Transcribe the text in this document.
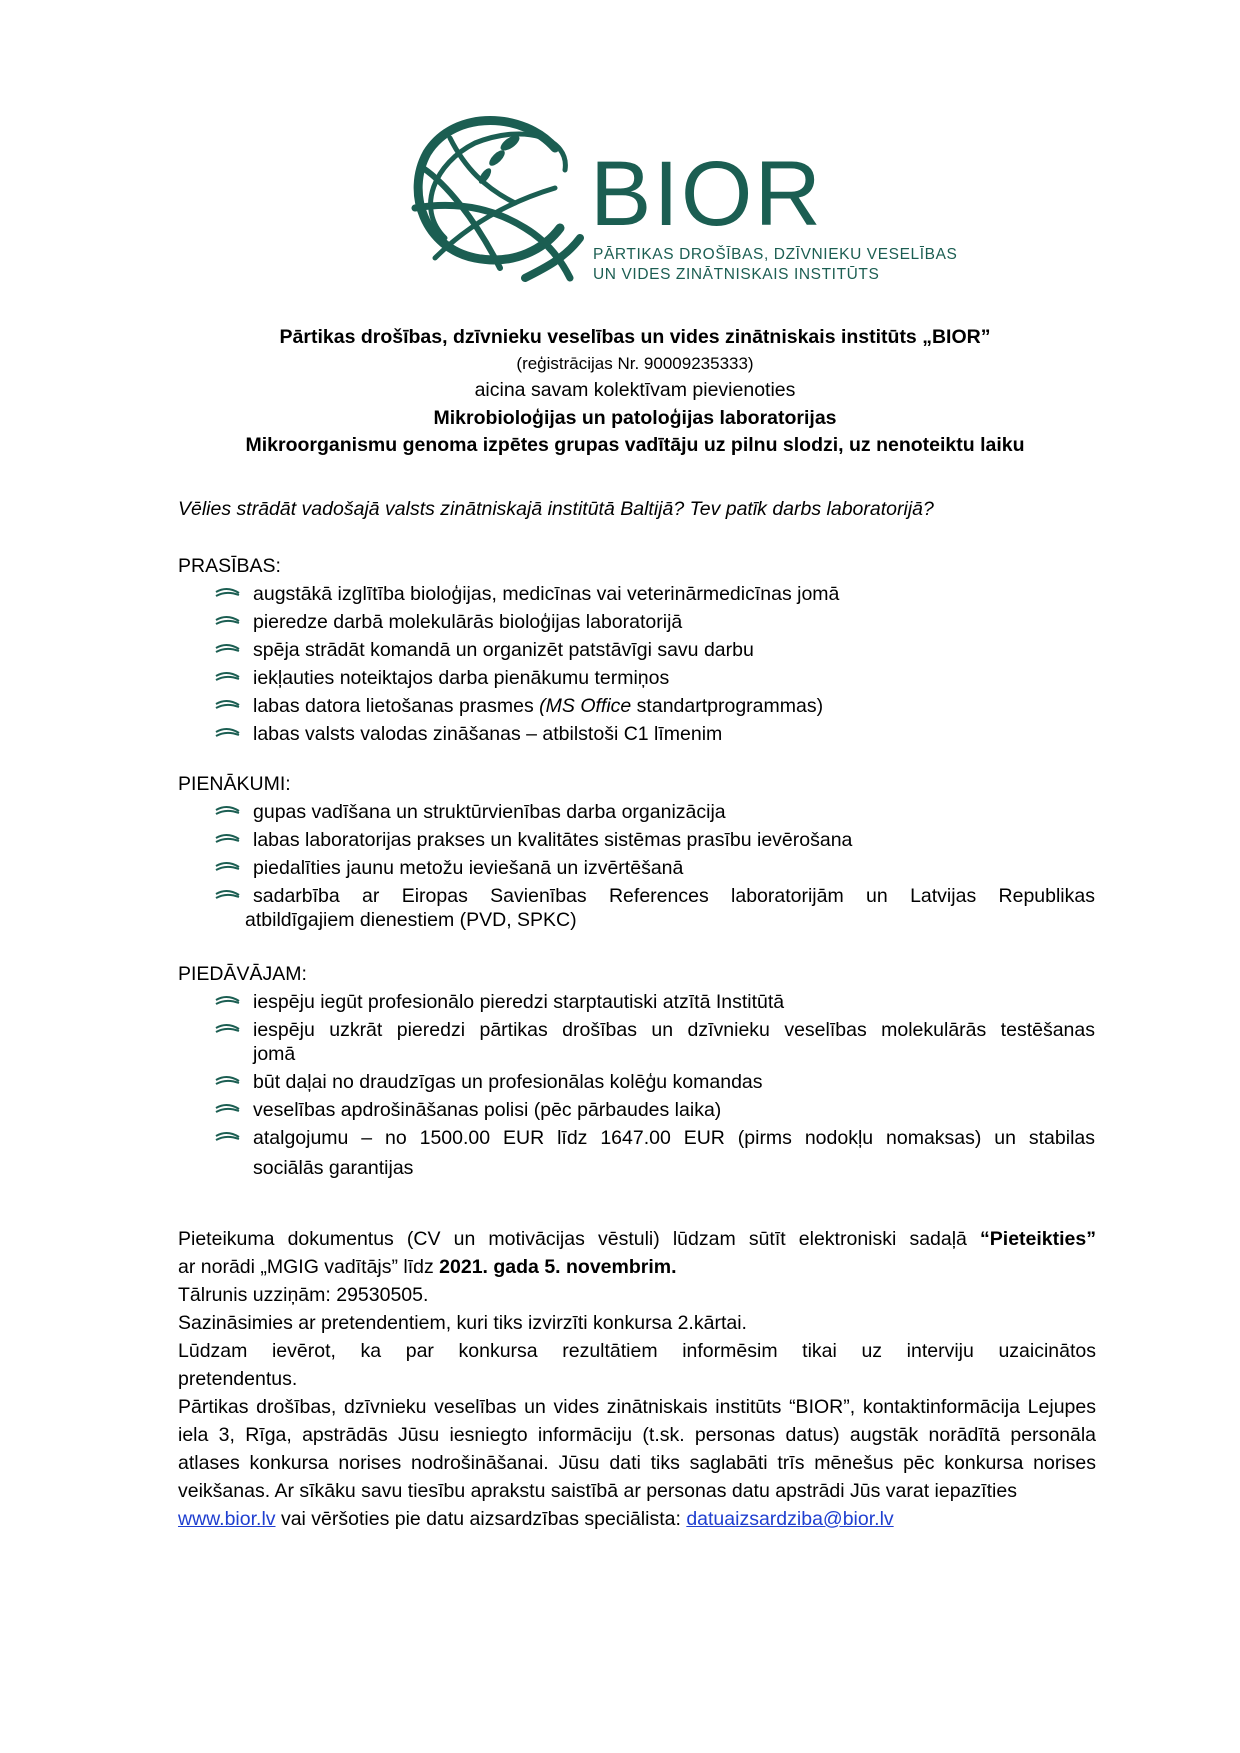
BIOR
PĀRTIKAS DROŠĪBAS, DZĪVNIEKU VESELĪBAS
UN VIDES ZINĀTNISKAIS INSTITŪTS
Pārtikas drošības, dzīvnieku veselības un vides zinātniskais institūts „BIOR”
(reģistrācijas Nr. 90009235333)
aicina savam kolektīvam pievienoties
Mikrobioloģijas un patoloģijas laboratorijas
Mikroorganismu genoma izpētes grupas vadītāju uz pilnu slodzi, uz nenoteiktu laiku
Vēlies strādāt vadošajā valsts zinātniskajā institūtā Baltijā? Tev patīk darbs laboratorijā?
PRASĪBAS:
augstākā izglītība bioloģijas, medicīnas vai veterinārmedicīnas jomā
pieredze darbā molekulārās bioloģijas laboratorijā
spēja strādāt komandā un organizēt patstāvīgi savu darbu
iekļauties noteiktajos darba pienākumu termiņos
labas datora lietošanas prasmes (MS Office standartprogrammas)
labas valsts valodas zināšanas – atbilstoši C1 līmenim
PIENĀKUMI:
gupas vadīšana un struktūrvienības darba organizācija
labas laboratorijas prakses un kvalitātes sistēmas prasību ievērošana
piedalīties jaunu metožu ieviešanā un izvērtēšanā
sadarbība ar Eiropas Savienības References laboratorijām un Latvijas Republikas
atbildīgajiem dienestiem (PVD, SPKC)
PIEDĀVĀJAM:
iespēju iegūt profesionālo pieredzi starptautiski atzītā Institūtā
iespēju uzkrāt pieredzi pārtikas drošības un dzīvnieku veselības molekulārās testēšanas
jomā
būt daļai no draudzīgas un profesionālas kolēģu komandas
veselības apdrošināšanas polisi (pēc pārbaudes laika)
atalgojumu – no 1500.00 EUR līdz 1647.00 EUR (pirms nodokļu nomaksas) un stabilas
sociālās garantijas

Pieteikuma dokumentus (CV un motivācijas vēstuli) lūdzam sūtīt elektroniski sadaļā “Pieteikties”

ar norādi „MGIG vadītājs” līdz 2021. gada 5. novembrim.

Tālrunis uzziņām: 29530505.

Sazināsimies ar pretendentiem, kuri tiks izvirzīti konkursa 2.kārtai.

Lūdzam ievērot, ka par konkursa rezultātiem informēsim tikai uz interviju uzaicinātos

pretendentus.

Pārtikas drošības, dzīvnieku veselības un vides zinātniskais institūts “BIOR”, kontaktinformācija Lejupes iela 3, Rīga, apstrādās Jūsu iesniegto informāciju (t.sk. personas datus) augstāk norādītā personāla atlases konkursa norises nodrošināšanai. Jūsu dati tiks saglabāti trīs mēnešus pēc konkursa norises veikšanas. Ar sīkāku savu tiesību aprakstu saistībā ar personas datu apstrādi Jūs varat iepazīties
www.bior.lv vai vēršoties pie datu aizsardzības speciālista: datuaizsardziba@bior.lv
